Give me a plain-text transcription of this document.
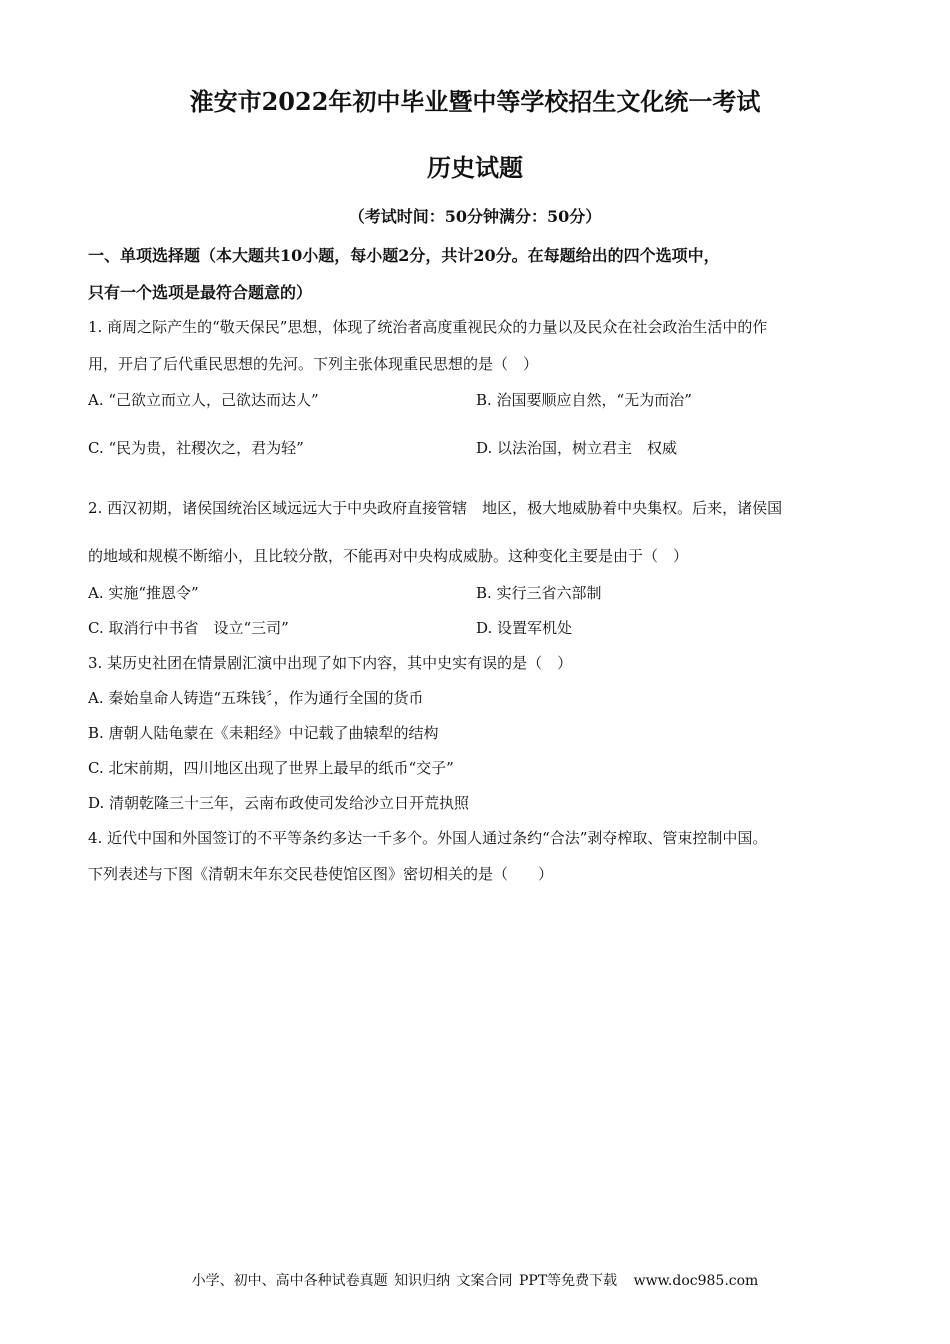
淮安市2022年初中毕业暨中等学校招生文化统一考试
历史试题
（考试时间：50分钟满分：50分）
一、单项选择题（本大题共10小题，每小题2分，共计20分。在每题给出的四个选项中，
只有一个选项是最符合题意的）
1. 商周之际产生的“敬天保民”思想，体现了统治者高度重视民众的力量以及民众在社会政治生活中的作
用，开启了后代重民思想的先河。下列主张体现重民思想的是（　）
A. “己欲立而立人，己欲达而达人”	B. 治国要顺应自然，“无为而治”
C. “民为贵，社稷次之，君为轻”	D. 以法治国，树立君主　权威
2. 西汉初期，诸侯国统治区域远远大于中央政府直接管辖　地区，极大地威胁着中央集权。后来，诸侯国
的地域和规模不断缩小，且比较分散，不能再对中央构成威胁。这种变化主要是由于（　）
A. 实施“推恩令”	B. 实行三省六部制
C. 取消行中书省　设立“三司”	D. 设置军机处
3. 某历史社团在情景剧汇演中出现了如下内容，其中史实有误的是（　）
A. 秦始皇命人铸造“五珠钱〞，作为通行全国的货币
B. 唐朝人陆龟蒙在《耒耜经》中记载了曲辕犁的结构
C. 北宋前期，四川地区出现了世界上最早的纸币“交子”
D. 清朝乾隆三十三年，云南布政使司发给沙立日开荒执照
4. 近代中国和外国签订的不平等条约多达一千多个。外国人通过条约“合法”剥夺榨取、管束控制中国。
下列表述与下图《清朝末年东交民巷使馆区图》密切相关的是（　　）
小学、初中、高中各种试卷真题 知识归纳 文案合同 PPT等免费下载 www.doc985.com
